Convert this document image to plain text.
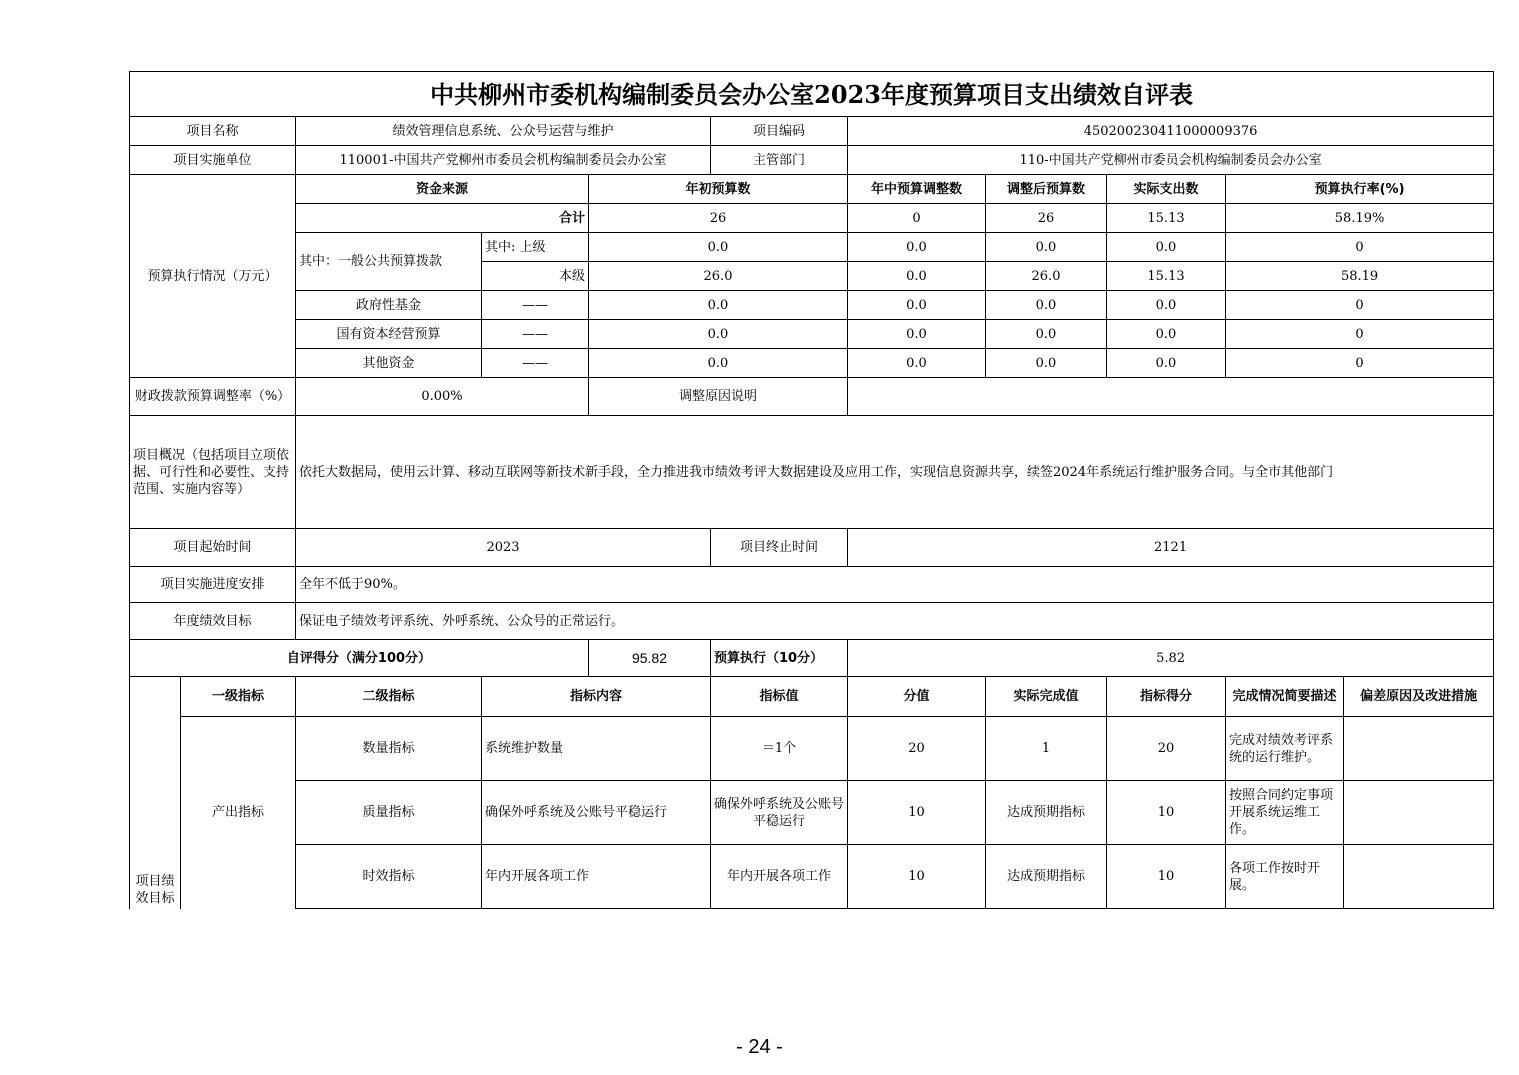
中共柳州市委机构编制委员会办公室2023年度预算项目支出绩效自评表										
项目名称		绩效管理信息系统、公众号运营与维护			项目编码	450200230411000009376				
项目实施单位		110001-中国共产党柳州市委员会机构编制委员会办公室			主管部门	110-中国共产党柳州市委员会机构编制委员会办公室				
预算执行情况（万元）		资金来源		年初预算数		年中预算调整数	调整后预算数	实际支出数	预算执行率(%)	
		合计		26		0	26	15.13	58.19%	
		其中：一般公共预算拨款	其中: 上级	0.0		0.0	0.0	0.0	0	
			本级	26.0		0.0	26.0	15.13	58.19	
		政府性基金	——	0.0		0.0	0.0	0.0	0	
		国有资本经营预算	——	0.0		0.0	0.0	0.0	0	
		其他资金	——	0.0		0.0	0.0	0.0	0	
财政拨款预算调整率（%）		0.00%		调整原因说明						
项目概况（包括项目立项依据、可行性和必要性、支持范围、实施内容等）		依托大数据局，使用云计算、移动互联网等新技术新手段，全力推进我市绩效考评大数据建设及应用工作，实现信息资源共享，续签2024年系统运行维护服务合同。与全市其他部门								
项目起始时间		2023			项目终止时间	2121				
项目实施进度安排		全年不低于90%。								
年度绩效目标		保证电子绩效考评系统、外呼系统、公众号的正常运行。								
自评得分（满分100分）				95.82	预算执行（10分）	5.82				
项目绩效目标	一级指标	二级指标	指标内容		指标值	分值	实际完成值	指标得分	完成情况简要描述	偏差原因及改进措施
	产出指标	数量指标	系统维护数量		＝1个	20	1	20	完成对绩效考评系统的运行维护。	
		质量指标	确保外呼系统及公账号平稳运行		确保外呼系统及公账号平稳运行	10	达成预期指标	10	按照合同约定事项开展系统运维工作。	
		时效指标	年内开展各项工作		年内开展各项工作	10	达成预期指标	10	各项工作按时开展。	
- 24 -
